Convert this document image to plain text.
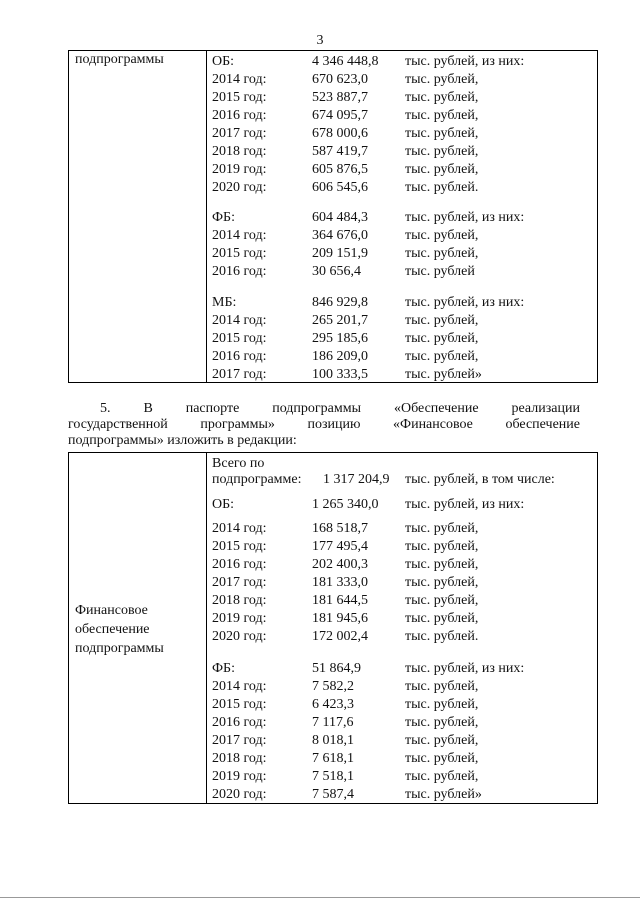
3
подпрограммы	ОБ:	4 346 448,8 тыс. рублей, из них:
2014 год:	670 623,0	тыс. рублей,
2015 год:	523 887,7	тыс. рублей,
2016 год:	674 095,7	тыс. рублей,
2017 год:	678 000,6	тыс. рублей,
2018 год:	587 419,7	тыс. рублей,
2019 год:	605 876,5	тыс. рублей,
2020 год:	606 545,6	тыс. рублей.
ФБ:	604 484,3	тыс. рублей, из них:
2014 год:	364 676,0	тыс. рублей,
2015 год:	209 151,9	тыс. рублей,
2016 год:	30 656,4	тыс. рублей
МБ:	846 929,8	тыс. рублей, из них:
2014 год:	265 201,7	тыс. рублей,
2015 год:	295 185,6	тыс. рублей,
2016 год:	186 209,0	тыс. рублей,
2017 год:	100 333,5	тыс. рублей»
5. В паспорте подпрограммы «Обеспечение реализации
государственной программы» позицию «Финансовое обеспечение
подпрограммы» изложить в редакции:
Финансовое
обеспечение
подпрограммы
Всего по
подпрограмме: 1 317 204,9 тыс. рублей, в том числе:
ОБ:	1 265 340,0 тыс. рублей, из них:
2014 год:	168 518,7	тыс. рублей,
2015 год:	177 495,4	тыс. рублей,
2016 год:	202 400,3	тыс. рублей,
2017 год:	181 333,0	тыс. рублей,
2018 год:	181 644,5	тыс. рублей,
2019 год:	181 945,6	тыс. рублей,
2020 год:	172 002,4	тыс. рублей.
ФБ:	51 864,9	тыс. рублей, из них:
2014 год:	7 582,2	тыс. рублей,
2015 год:	6 423,3	тыс. рублей,
2016 год:	7 117,6	тыс. рублей,
2017 год:	8 018,1	тыс. рублей,
2018 год:	7 618,1	тыс. рублей,
2019 год:	7 518,1	тыс. рублей,
2020 год:	7 587,4	тыс. рублей»
